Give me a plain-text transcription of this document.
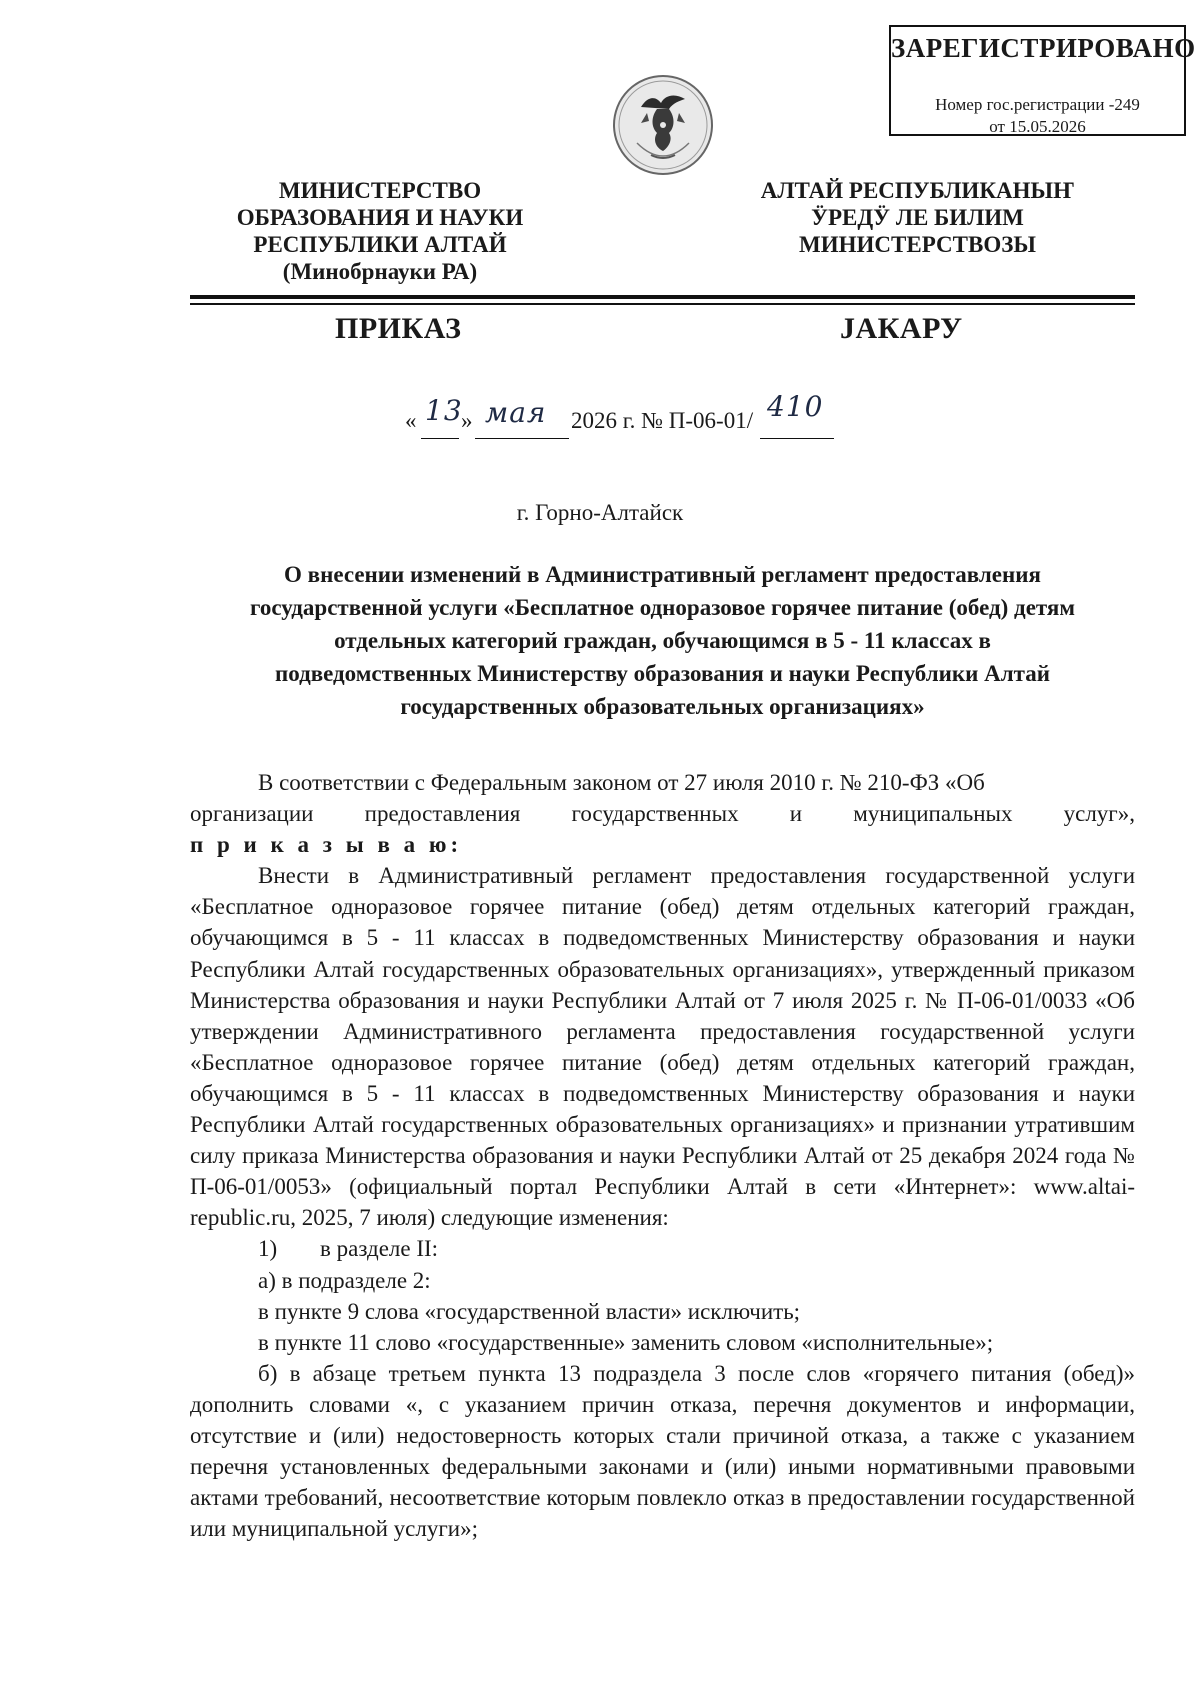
ЗАРЕГИСТРИРОВАНО
Номер гос.регистрации -249
от 15.05.2026
МИНИСТЕРСТВО
ОБРАЗОВАНИЯ И НАУКИ
РЕСПУБЛИКИ АЛТАЙ
(Минобрнауки РА)
АЛТАЙ РЕСПУБЛИКАНЫҤ
ӰРЕДӰ ЛЕ БИЛИМ
МИНИСТЕРСТВОЗЫ
ПРИКАЗ	ЈАКАРУ
« 13
» мая 2026 г. № П-06-01/ 410
г. Горно-Алтайск
О внесении изменений в Административный регламент предоставления
государственной услуги «Бесплатное одноразовое горячее питание (обед) детям
отдельных категорий граждан, обучающимся в 5 - 11 классах в
подведомственных Министерству образования и науки Республики Алтай
государственных образовательных организациях»

В соответствии с Федеральным законом от 27 июля 2010 г. № 210-ФЗ «Об

организации предоставления государственных и муниципальных услуг»,

п р и к а з ы в а ю:

Внести в Административный регламент предоставления государственной услуги «Бесплатное одноразовое горячее питание (обед) детям отдельных категорий граждан, обучающимся в 5 - 11 классах в подведомственных Министерству образования и науки Республики Алтай государственных образовательных организациях», утвержденный приказом Министерства образования и науки Республики Алтай от 7 июля 2025 г. № П-06-01/0033 «Об утверждении Административного регламента предоставления государственной услуги «Бесплатное одноразовое горячее питание (обед) детям отдельных категорий граждан, обучающимся в 5 - 11 классах в подведомственных Министерству образования и науки Республики Алтай государственных образовательных организациях» и признании утратившим силу приказа Министерства образования и науки Республики Алтай от 25 декабря 2024 года № П-06-01/0053» (официальный портал Республики Алтай в сети «Интернет»: www.altai-republic.ru, 2025, 7 июля) следующие изменения:

1) в разделе II:

а) в подразделе 2:

в пункте 9 слова «государственной власти» исключить;

в пункте 11 слово «государственные» заменить словом «исполнительные»;

б) в абзаце третьем пункта 13 подраздела 3 после слов «горячего питания (обед)» дополнить словами «, с указанием причин отказа, перечня документов и информации, отсутствие и (или) недостоверность которых стали причиной отказа, а также с указанием перечня установленных федеральными законами и (или) иными нормативными правовыми актами требований, несоответствие которым повлекло отказ в предоставлении государственной или муниципальной услуги»;
